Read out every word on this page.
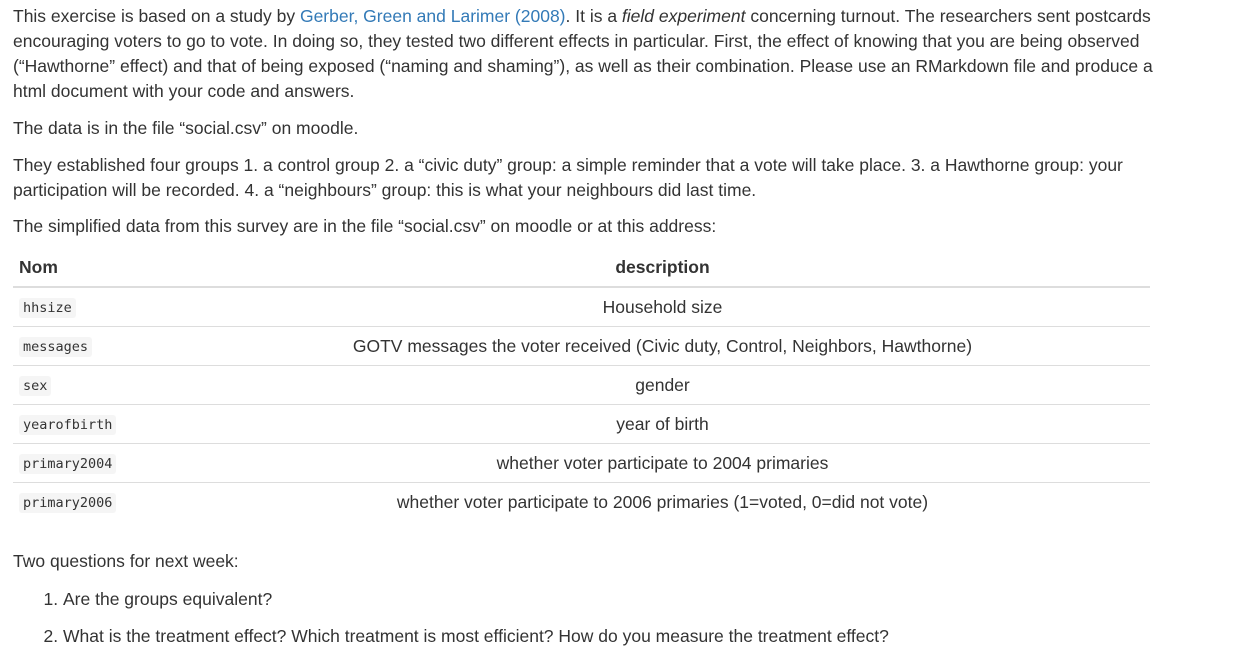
This exercise is based on a study by Gerber, Green and Larimer (2008). It is a field experiment concerning turnout. The researchers sent postcards encouraging voters to go to vote. In doing so, they tested two different effects in particular. First, the effect of knowing that you are being observed (“Hawthorne” effect) and that of being exposed (“naming and shaming”), as well as their combination. Please use an RMarkdown file and produce a html document with your code and answers.

The data is in the file “social.csv” on moodle.

They established four groups 1. a control group 2. a “civic duty” group: a simple reminder that a vote will take place. 3. a Hawthorne group: your participation will be recorded. 4. a “neighbours” group: this is what your neighbours did last time.

The simplified data from this survey are in the file “social.csv” on moodle or at this address:

Nom	description
hhsize	Household size
messages	GOTV messages the voter received (Civic duty, Control, Neighbors, Hawthorne)
sex	gender
yearofbirth	year of birth
primary2004	whether voter participate to 2004 primaries
primary2006	whether voter participate to 2006 primaries (1=voted, 0=did not vote)

Two questions for next week:

1. Are the groups equivalent?
2. What is the treatment effect? Which treatment is most efficient? How do you measure the treatment effect?
